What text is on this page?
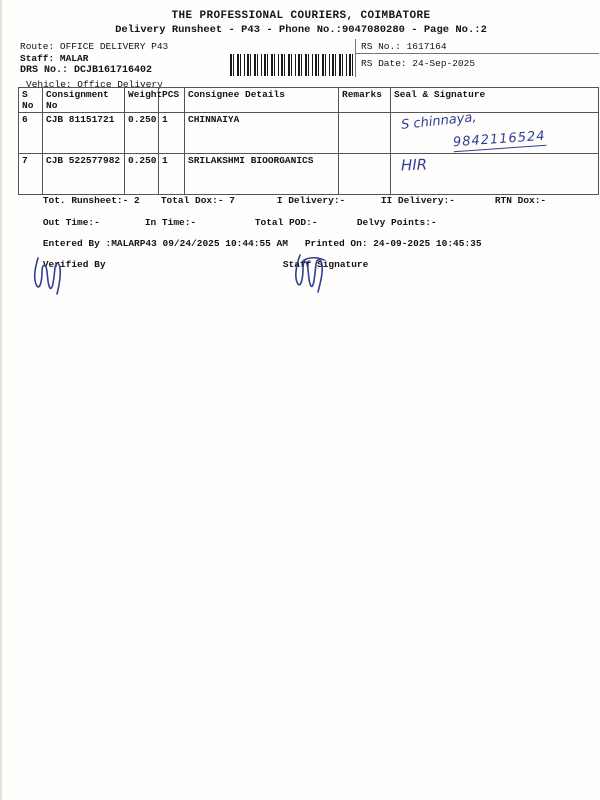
THE PROFESSIONAL COURIERS, COIMBATORE
Delivery Runsheet - P43 - Phone No.:9047080280 - Page No.:2
Route: OFFICE DELIVERY P43
Staff: MALAR
DRS No.: DCJB161716402
Vehicle: Office Delivery
RS No.: 1617164
RS Date: 24-Sep-2025
S No	Consignment No	Weight	PCS	Consignee Details	Remarks	Seal & Signature
6	CJB 81151721	0.250	1	CHINNAIYA		S chinnaya,
9842116524

7	CJB 522577982	0.250	1	SRILAKSHMI BIOORGANICS		HIR

Tot. Runsheet:- 2 Total Dox:- 7	I Delivery:-	II Delivery:-	RTN Dox:-

Out Time:-	In Time:-	Total POD:-	Delvy Points:-

Entered By :MALARP43 09/24/2025 10:44:55 AM Printed On: 24-09-2025 10:45:35

Verified By	Staff Signature
